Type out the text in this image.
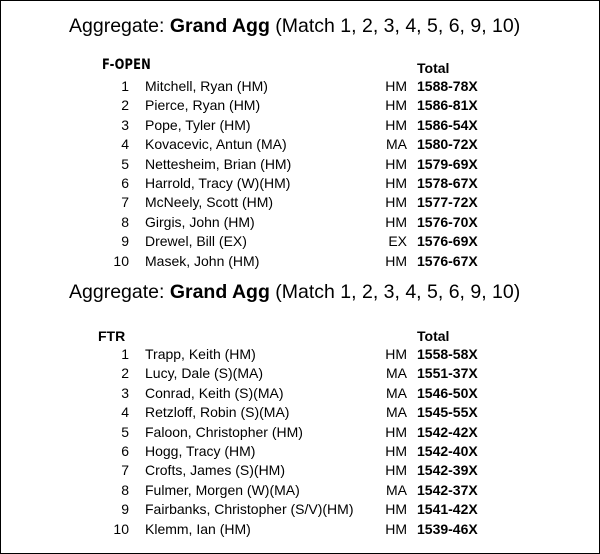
Aggregate: Grand Agg (Match 1, 2, 3, 4, 5, 6, 9, 10)
F-OPEN	Total
1 Mitchell, Ryan (HM)	HM 1588-78X
2 Pierce, Ryan (HM)	HM 1586-81X
3 Pope, Tyler (HM)	HM 1586-54X
4 Kovacevic, Antun (MA)	MA 1580-72X
5 Nettesheim, Brian (HM)	HM 1579-69X
6 Harrold, Tracy (W)(HM)	HM 1578-67X
7 McNeely, Scott (HM)	HM 1577-72X
8 Girgis, John (HM)	HM 1576-70X
9 Drewel, Bill (EX)	EX 1576-69X
10 Masek, John (HM)	HM 1576-67X
Aggregate: Grand Agg (Match 1, 2, 3, 4, 5, 6, 9, 10)
FTR	Total
1 Trapp, Keith (HM)	HM 1558-58X
2 Lucy, Dale (S)(MA)	MA 1551-37X
3 Conrad, Keith (S)(MA)	MA 1546-50X
4 Retzloff, Robin (S)(MA)	MA 1545-55X
5 Faloon, Christopher (HM)	HM 1542-42X
6 Hogg, Tracy (HM)	HM 1542-40X
7 Crofts, James (S)(HM)	HM 1542-39X
8 Fulmer, Morgen (W)(MA)	MA 1542-37X
9 Fairbanks, Christopher (S/V)(HM) HM 1541-42X
10 Klemm, Ian (HM)	HM 1539-46X
